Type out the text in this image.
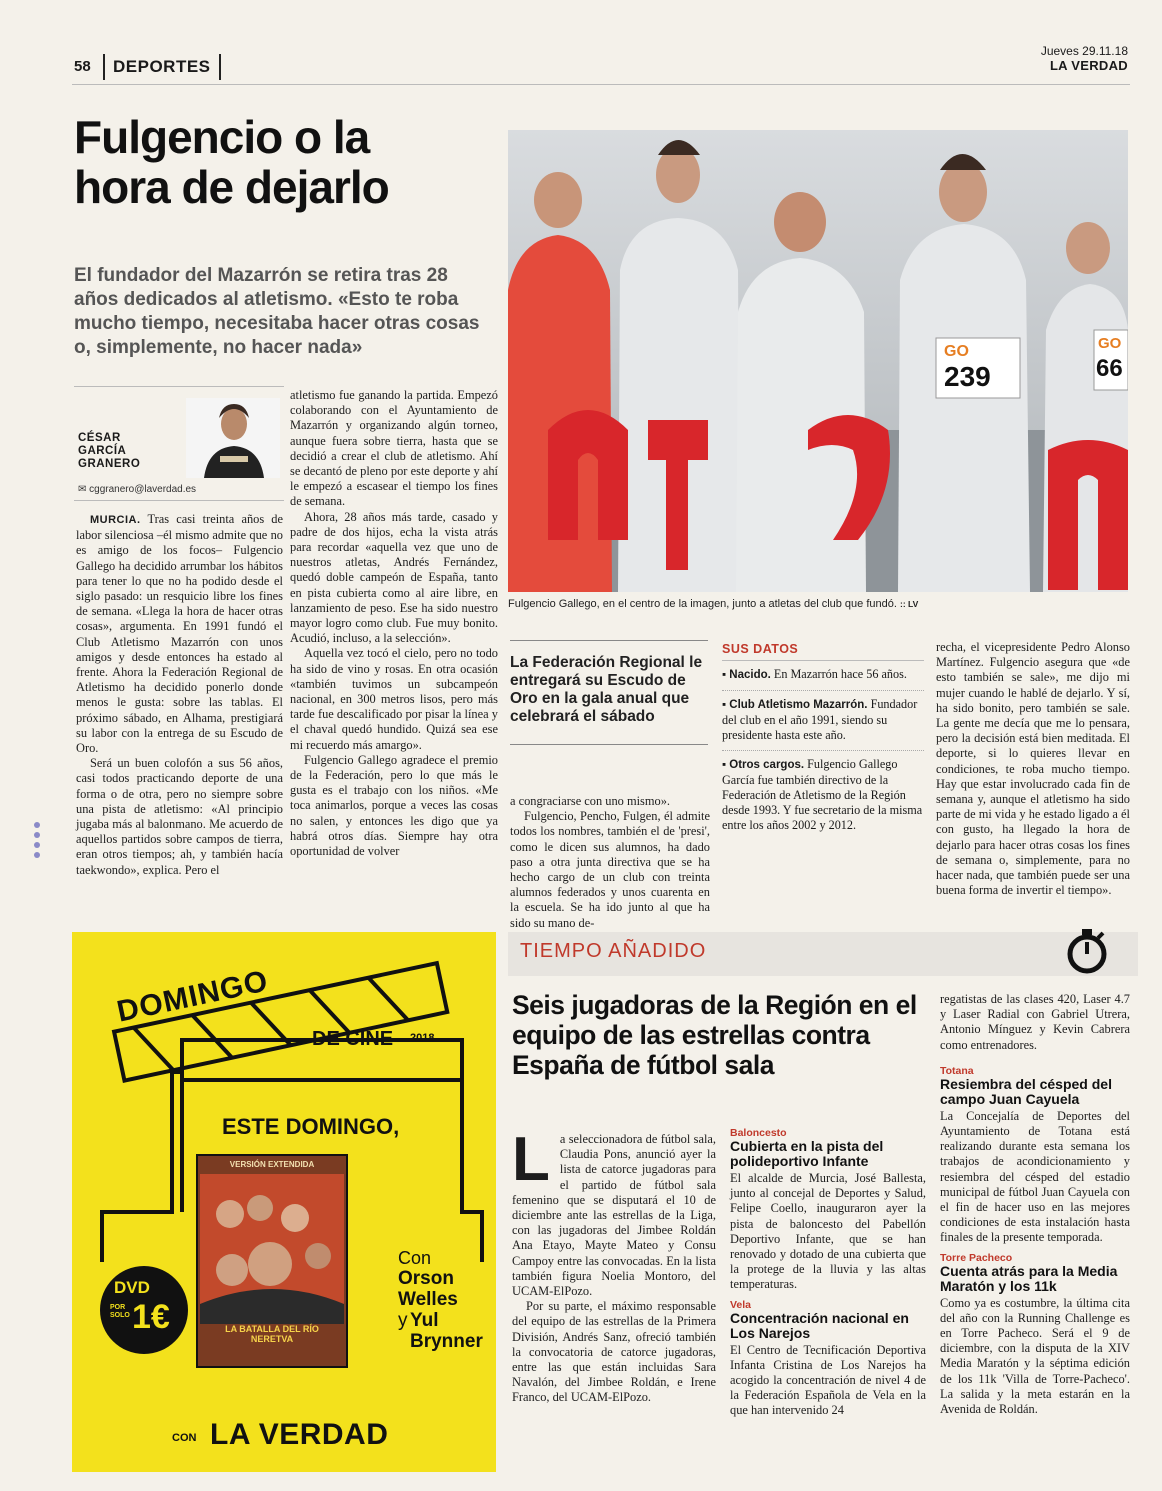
58	DEPORTES
Jueves 29.11.18
LA VERDAD
Fulgencio o la
hora de dejarlo
El fundador del Mazarrón se retira tras 28 años dedicados al atletismo. «Esto te roba mucho tiempo, necesitaba hacer otras cosas o, simplemente, no hacer nada»
CÉSAR
GARCÍA
GRANERO
✉ cggranero@laverdad.es

MURCIA. Tras casi treinta años de labor silenciosa –él mismo admite que no es amigo de los focos– Fulgencio Gallego ha decidido arrumbar los hábitos para tener lo que no ha podido desde el siglo pasado: un resquicio libre los fines de semana. «Llega la hora de hacer otras cosas», argumenta. En 1991 fundó el Club Atletismo Mazarrón con unos amigos y desde entonces ha estado al frente. Ahora la Federación Regional de Atletismo ha decidido ponerlo donde menos le gusta: sobre las tablas. El próximo sábado, en Alhama, prestigiará su labor con la entrega de su Escudo de Oro.

Será un buen colofón a sus 56 años, casi todos practicando deporte de una forma o de otra, pero no siempre sobre una pista de atletismo: «Al principio jugaba más al balonmano. Me acuerdo de aquellos partidos sobre campos de tierra, eran otros tiempos; ah, y también hacía taekwondo», explica. Pero el

atletismo fue ganando la partida. Empezó colaborando con el Ayuntamiento de Mazarrón y organizando algún torneo, aunque fuera sobre tierra, hasta que se decidió a crear el club de atletismo. Ahí se decantó de pleno por este deporte y ahí le empezó a escasear el tiempo los fines de semana.

Ahora, 28 años más tarde, casado y padre de dos hijos, echa la vista atrás para recordar «aquella vez que uno de nuestros atletas, Andrés Fernández, quedó doble campeón de España, tanto en pista cubierta como al aire libre, en lanzamiento de peso. Ese ha sido nuestro mayor logro como club. Fue muy bonito. Acudió, incluso, a la selección».

Aquella vez tocó el cielo, pero no todo ha sido de vino y rosas. En otra ocasión «también tuvimos un subcampeón nacional, en 300 metros lisos, pero más tarde fue descalificado por pisar la línea y el chaval quedó hundido. Quizá sea ese mi recuerdo más amargo».

Fulgencio Gallego agradece el premio de la Federación, pero lo que más le gusta es el trabajo con los niños. «Me toca animarlos, porque a veces las cosas no salen, y entonces les digo que ya habrá otros días. Siempre hay otra oportunidad de volver

GO
239
GO
66
Fulgencio Gallego, en el centro de la imagen, junto a atletas del club que fundó. :: LV
La Federación Regional le entregará su Escudo de Oro en la gala anual que celebrará el sábado

a congraciarse con uno mismo».

Fulgencio, Pencho, Fulgen, él admite todos los nombres, también el de 'presi', como le dicen sus alumnos, ha dado paso a otra junta directiva que se ha hecho cargo de un club con treinta alumnos federados y unos cuarenta en la escuela. Se ha ido junto al que ha sido su mano de-

SUS DATOS
▪ Nacido. En Mazarrón hace 56 años.
▪ Club Atletismo Mazarrón. Fundador del club en el año 1991, siendo su presidente hasta este año.
▪ Otros cargos. Fulgencio Gallego García fue también directivo de la Federación de Atletismo de la Región desde 1993. Y fue secretario de la misma entre los años 2002 y 2012.

recha, el vicepresidente Pedro Alonso Martínez. Fulgencio asegura que «de esto también se sale», me dijo mi mujer cuando le hablé de dejarlo. Y sí, ha sido bonito, pero también se sale. La gente me decía que me lo pensara, pero la decisión está bien meditada. El deporte, si lo quieres llevar en condiciones, te roba mucho tiempo. Hay que estar involucrado cada fin de semana y, aunque el atletismo ha sido parte de mi vida y he estado ligado a él con gusto, ha llegado la hora de dejarlo para hacer otras cosas los fines de semana o, simplemente, para no hacer nada, que también puede ser una buena forma de invertir el tiempo».

DOMINGO
DE CINE 2018
ESTE DOMINGO,
VERSIÓN EXTENDIDA
LA BATALLA DEL RÍO NERETVA
DVD
POR SOLO 1€
Con
Orson Welles
y Yul Brynner
CON LA VERDAD
TIEMPO AÑADIDO
Seis jugadoras de la Región en el equipo de las estrellas contra España de fútbol sala

La seleccionadora de fútbol sala, Claudia Pons, anunció ayer la lista de catorce jugadoras para el partido de fútbol sala femenino que se disputará el 10 de diciembre ante las estrellas de la Liga, con las jugadoras del Jimbee Roldán Ana Etayo, Mayte Mateo y Consu Campoy entre las convocadas. En la lista también figura Noelia Montoro, del UCAM-ElPozo.

Por su parte, el máximo responsable del equipo de las estrellas de la Primera División, Andrés Sanz, ofreció también la convocatoria de catorce jugadoras, entre las que están incluidas Sara Navalón, del Jimbee Roldán, e Irene Franco, del UCAM-ElPozo.

Baloncesto
Cubierta en la pista del polideportivo Infante
El alcalde de Murcia, José Ballesta, junto al concejal de Deportes y Salud, Felipe Coello, inauguraron ayer la pista de baloncesto del Pabellón Deportivo Infante, que se han renovado y dotado de una cubierta que la protege de la lluvia y las altas temperaturas.
Vela
Concentración nacional en Los Narejos
El Centro de Tecnificación Deportiva Infanta Cristina de Los Narejos ha acogido la concentración de nivel 4 de la Federación Española de Vela en la que han intervenido 24
regatistas de las clases 420, Laser 4.7 y Laser Radial con Gabriel Utrera, Antonio Mínguez y Kevin Cabrera como entrenadores.
Totana
Resiembra del césped del campo Juan Cayuela
La Concejalía de Deportes del Ayuntamiento de Totana está realizando durante esta semana los trabajos de acondicionamiento y resiembra del césped del estadio municipal de fútbol Juan Cayuela con el fin de hacer uso en las mejores condiciones de esta instalación hasta finales de la presente temporada.
Torre Pacheco
Cuenta atrás para la Media Maratón y los 11k
Como ya es costumbre, la última cita del año con la Running Challenge es en Torre Pacheco. Será el 9 de diciembre, con la disputa de la XIV Media Maratón y la séptima edición de los 11k 'Villa de Torre-Pacheco'. La salida y la meta estarán en la Avenida de Roldán.
